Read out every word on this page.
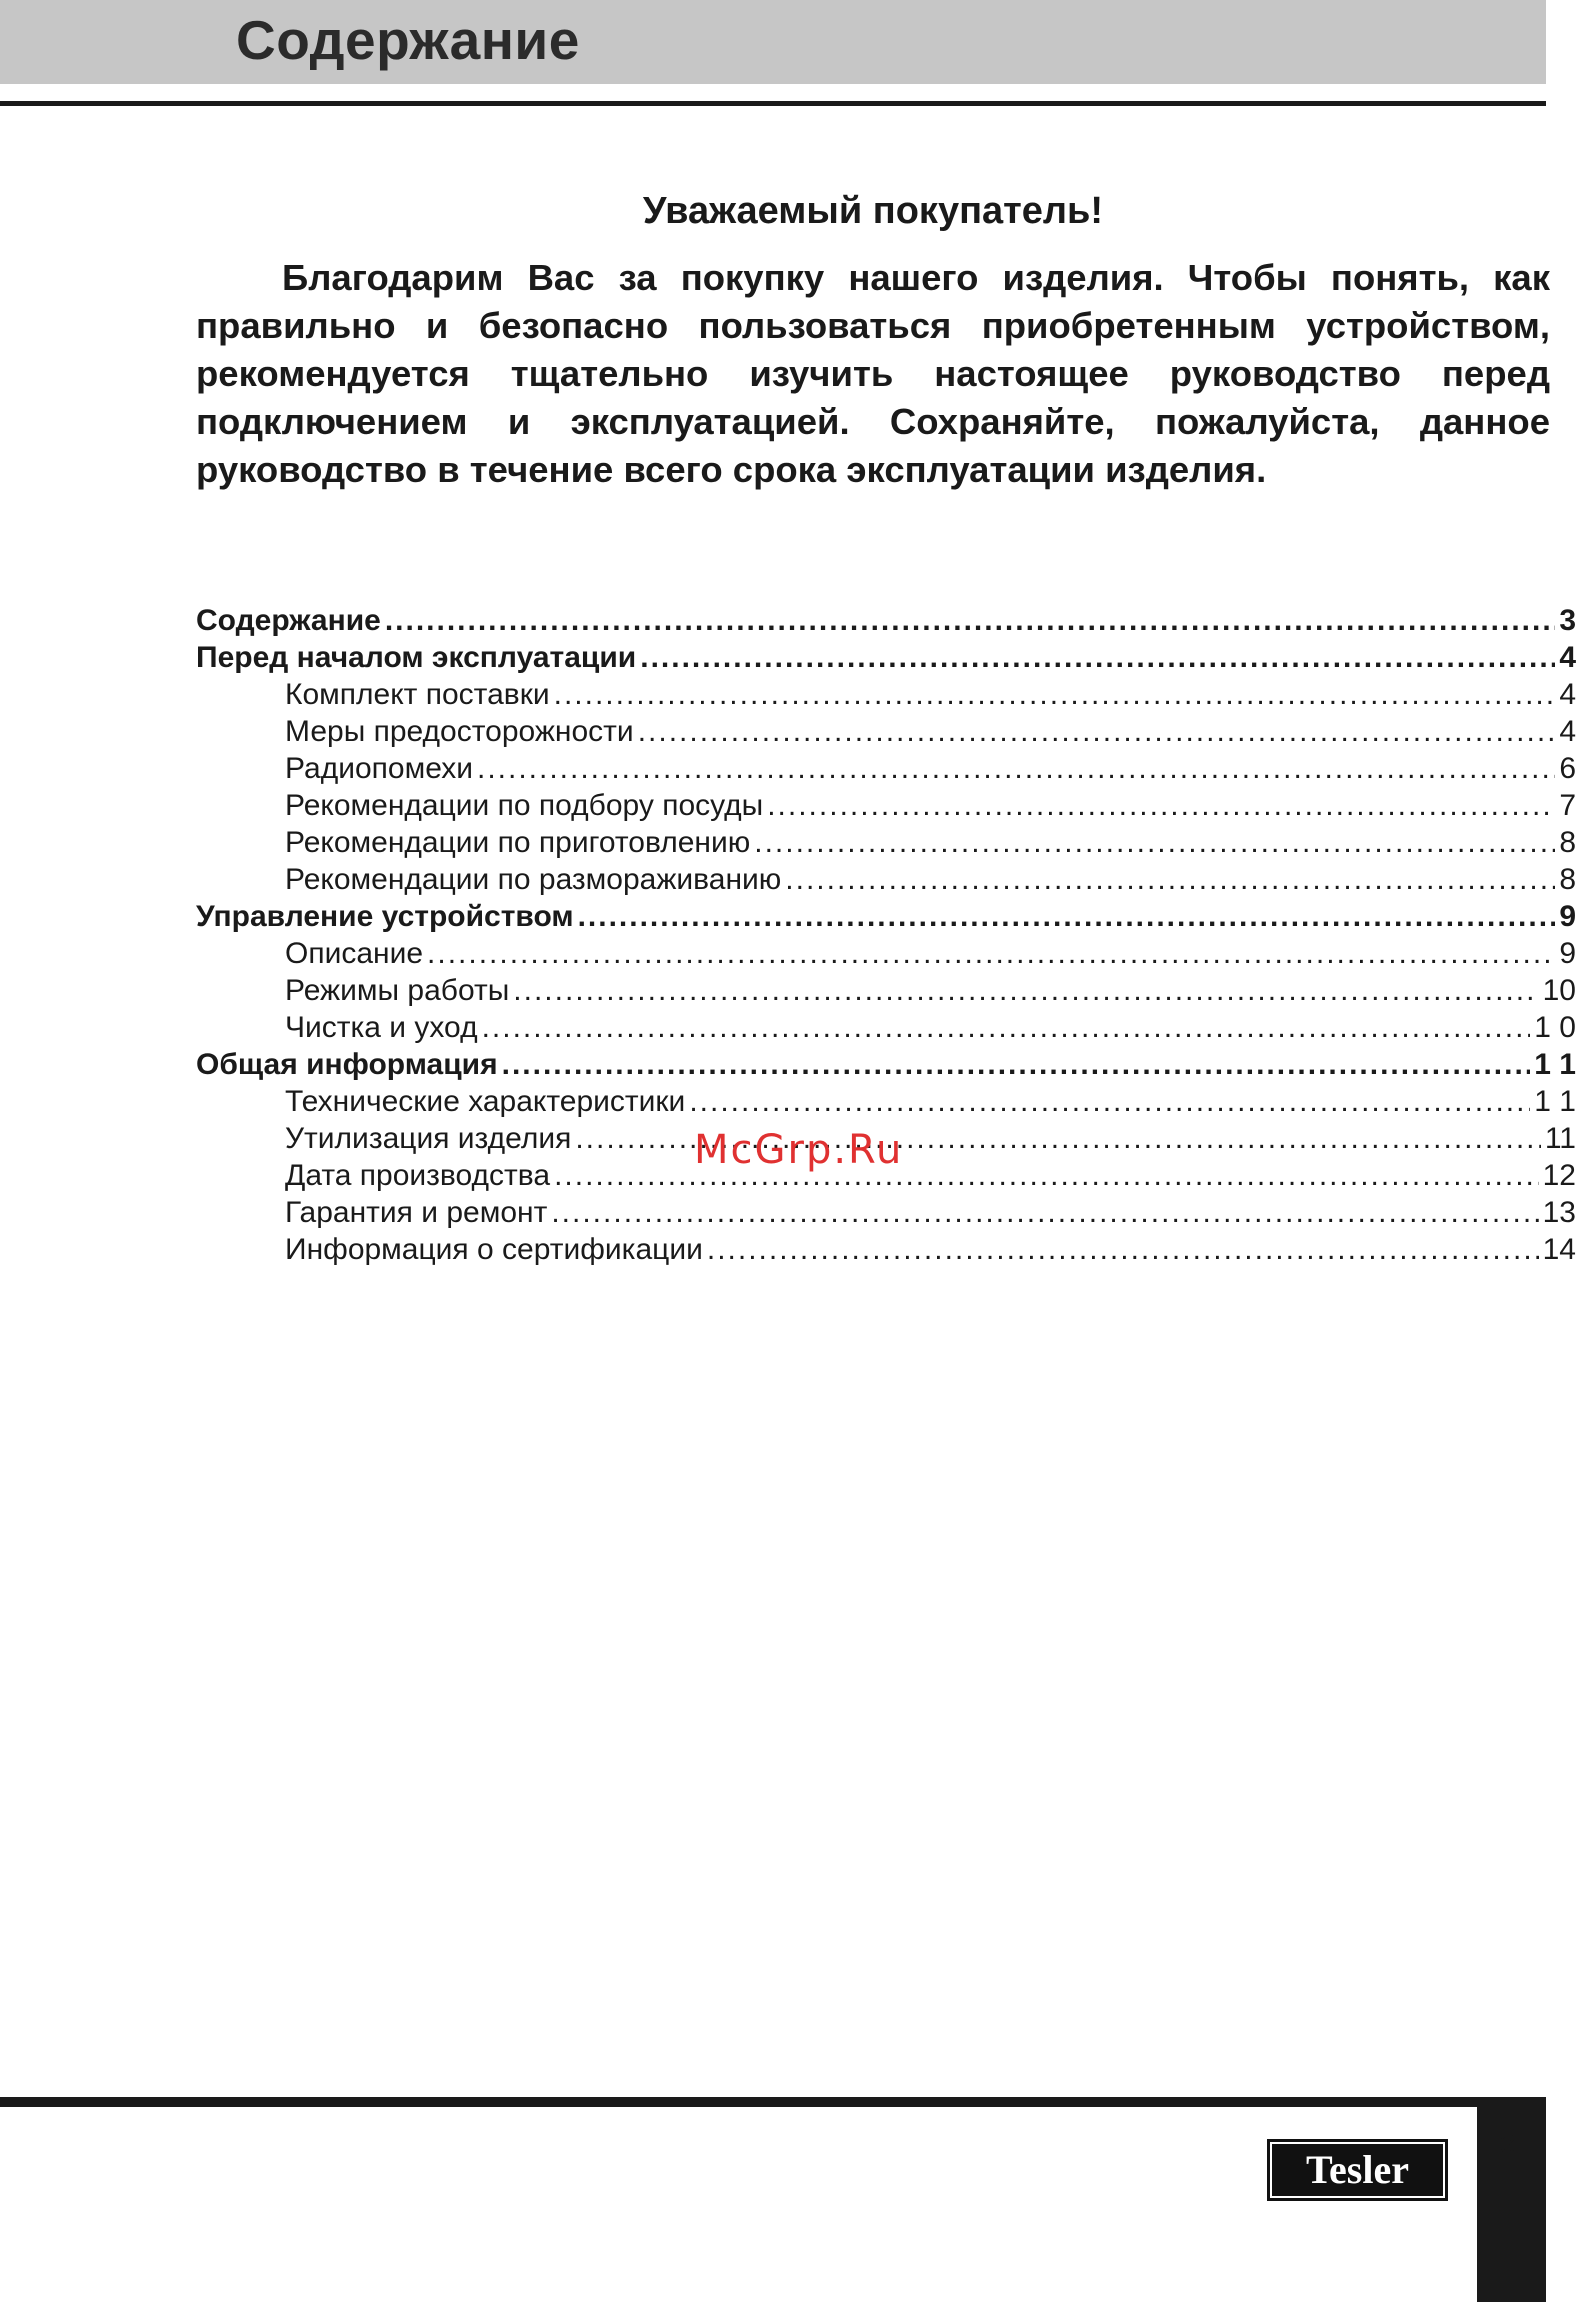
Содержание
Уважаемый покупатель!

Благодарим Вас за покупку нашего изделия. Чтобы понять, как правильно и безопасно пользоваться приобретенным устройством, рекомендуется тщательно изучить настоящее руководство перед подключением и эксплуатацией. Сохраняйте, пожалуйста, данное руководство в течение всего срока эксплуатации изделия.

Содержание .....	3
Перед началом эксплуатации .....	4
Комплект поставки .....	4
Меры предосторожности .....	4
Радиопомехи .....	6
Рекомендации по подбору посуды .....	7
Рекомендации по приготовлению .....	8
Рекомендации по размораживанию .....	8
Управление устройством .....	9
Описание .....	9
Режимы работы .....	10
Чистка и уход .....	1 0
Общая информация .....	1 1
Технические характеристики .....	1 1
Утилизация изделия .....	11
Дата производства .....	12
Гарантия и ремонт .....	13
Информация о сертификации .....	14
McGrp.Ru
3
Tesler
